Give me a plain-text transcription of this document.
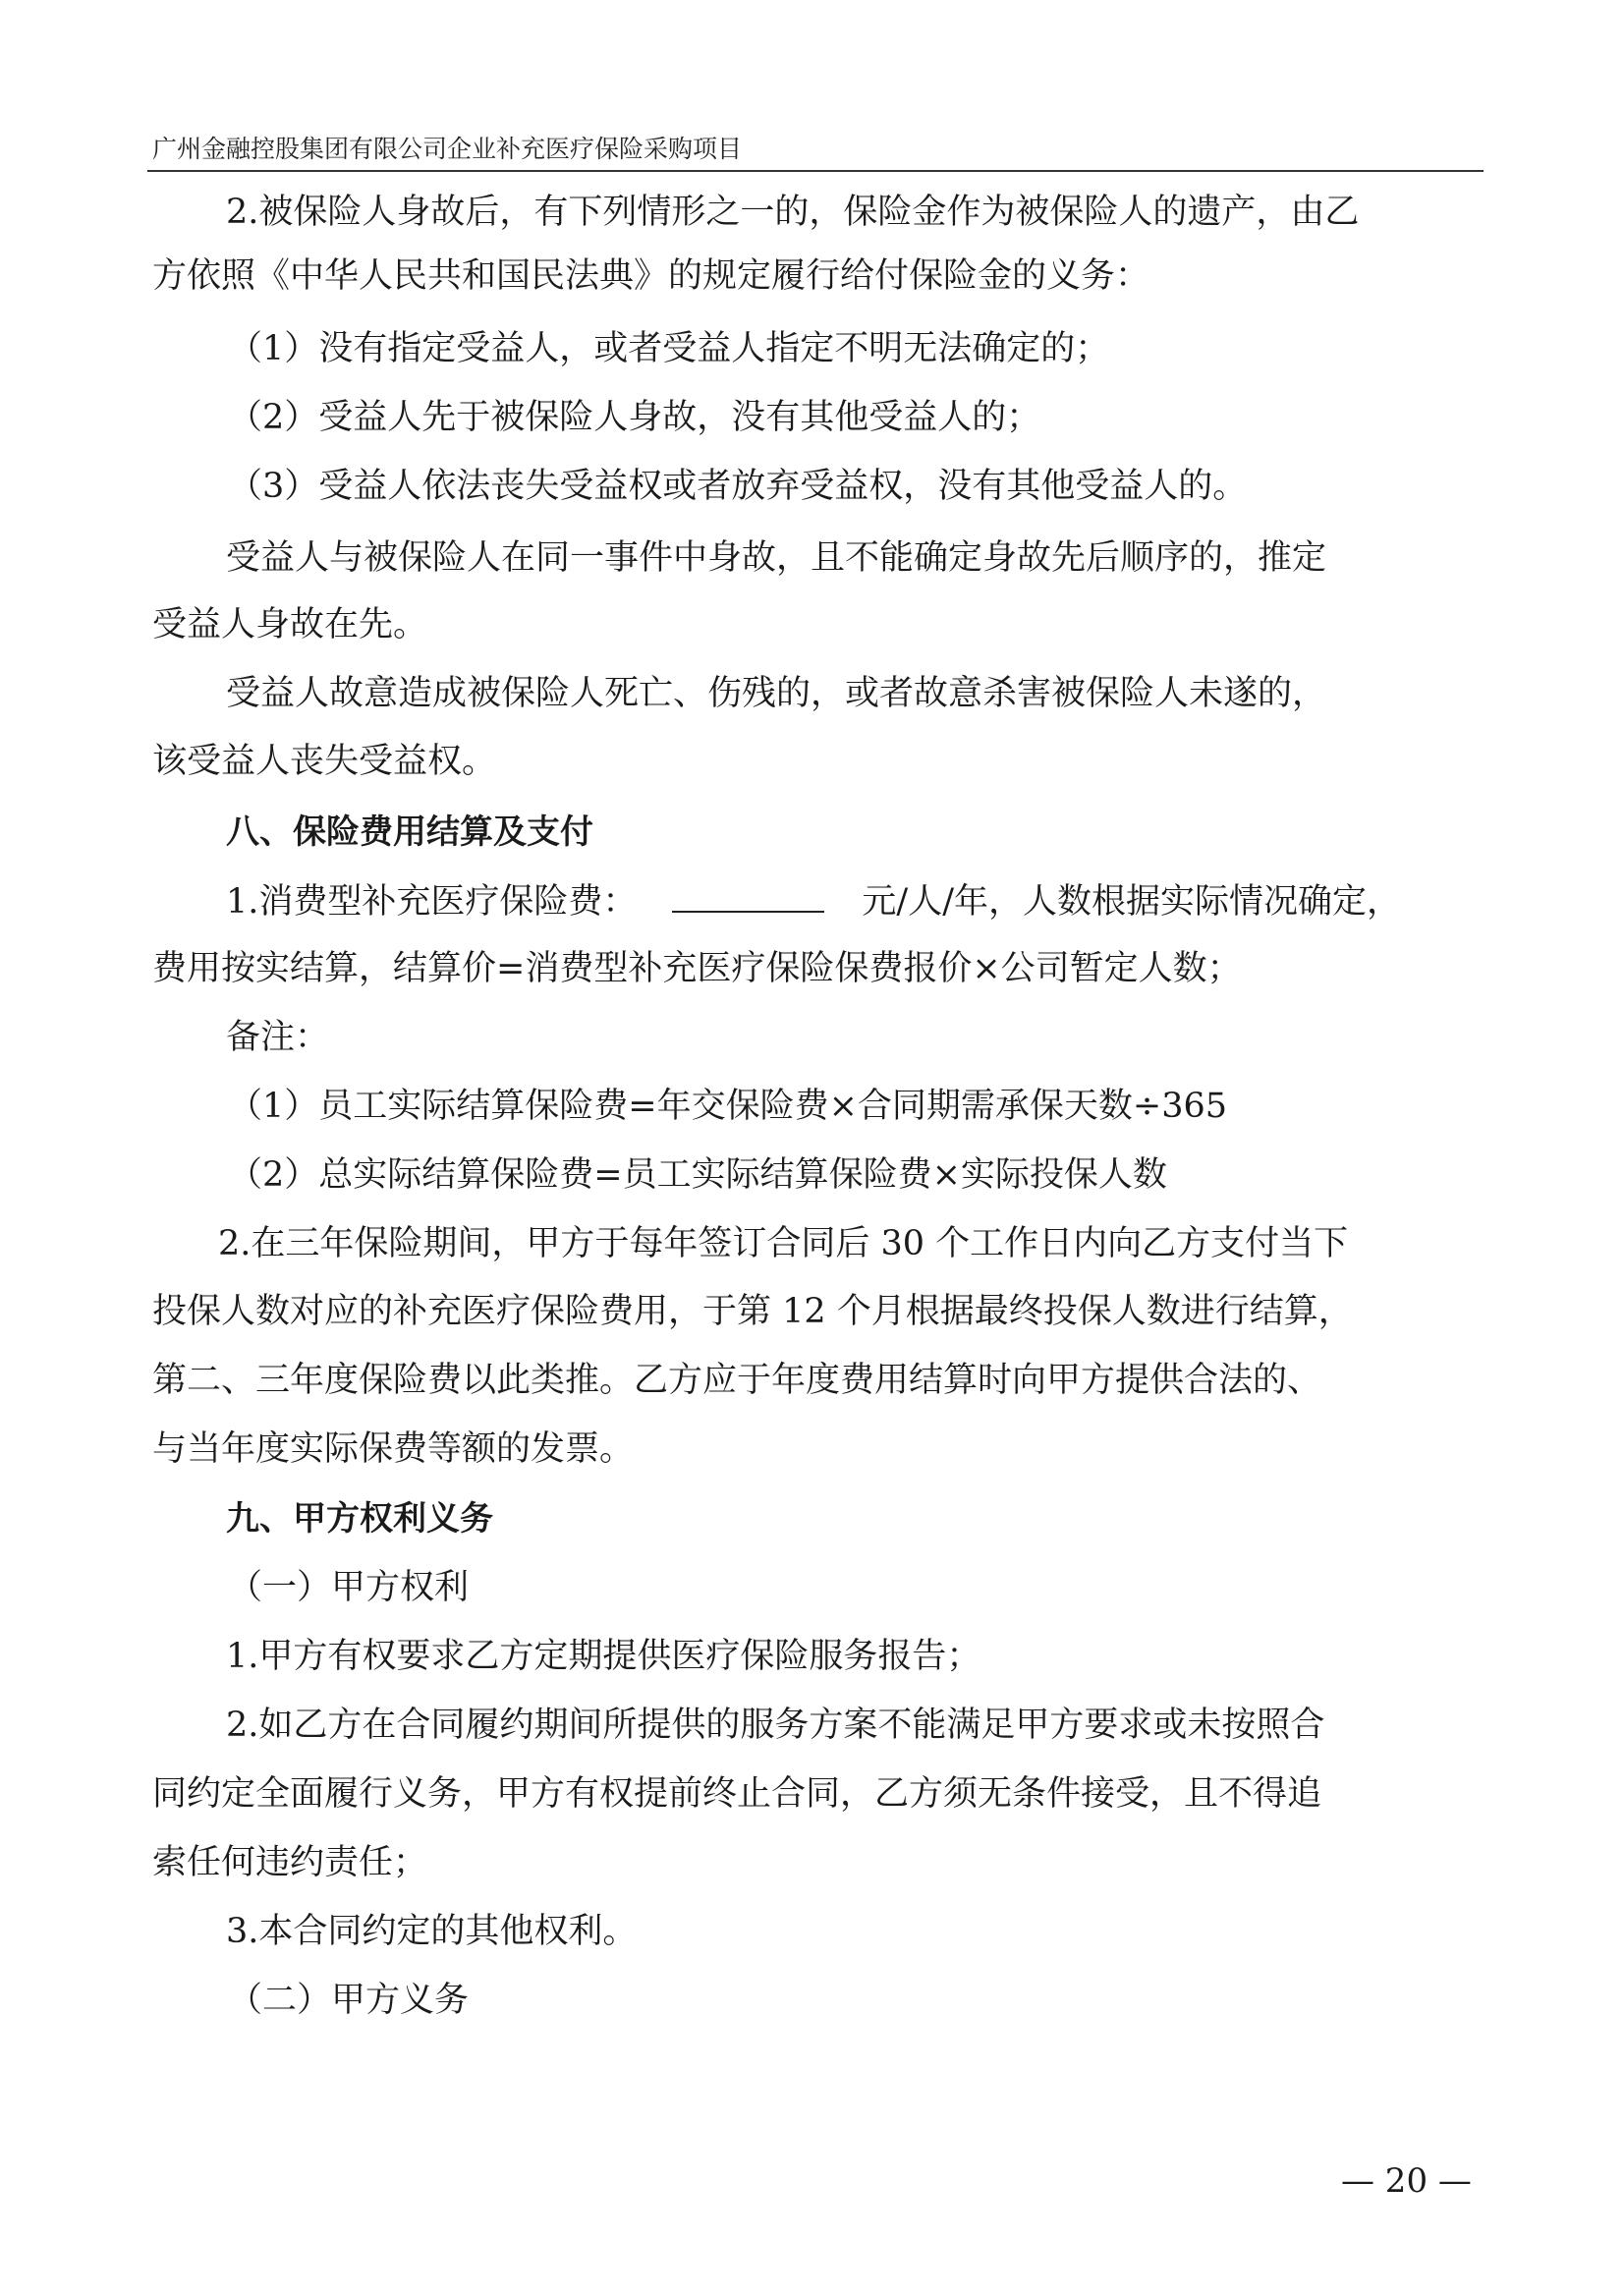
广州金融控股集团有限公司企业补充医疗保险采购项目
2.被保险人身故后，有下列情形之一的，保险金作为被保险人的遗产，由乙
方依照《中华人民共和国民法典》的规定履行给付保险金的义务：
（1）没有指定受益人，或者受益人指定不明无法确定的；
（2）受益人先于被保险人身故，没有其他受益人的；
（3）受益人依法丧失受益权或者放弃受益权，没有其他受益人的。
受益人与被保险人在同一事件中身故，且不能确定身故先后顺序的，推定
受益人身故在先。
受益人故意造成被保险人死亡、伤残的，或者故意杀害被保险人未遂的，
该受益人丧失受益权。
八、保险费用结算及支付
1.消费型补充医疗保险费：	元/人/年，人数根据实际情况确定，
费用按实结算，结算价=消费型补充医疗保险保费报价×公司暂定人数；
备注：
（1）员工实际结算保险费=年交保险费×合同期需承保天数÷365
（2）总实际结算保险费=员工实际结算保险费×实际投保人数
2.在三年保险期间，甲方于每年签订合同后 30 个工作日内向乙方支付当下
投保人数对应的补充医疗保险费用，于第 12 个月根据最终投保人数进行结算，
第二、三年度保险费以此类推。乙方应于年度费用结算时向甲方提供合法的、
与当年度实际保费等额的发票。
九、甲方权利义务
（一）甲方权利
1.甲方有权要求乙方定期提供医疗保险服务报告；
2.如乙方在合同履约期间所提供的服务方案不能满足甲方要求或未按照合
同约定全面履行义务，甲方有权提前终止合同，乙方须无条件接受，且不得追
索任何违约责任；
3.本合同约定的其他权利。
（二）甲方义务
— 20 —
